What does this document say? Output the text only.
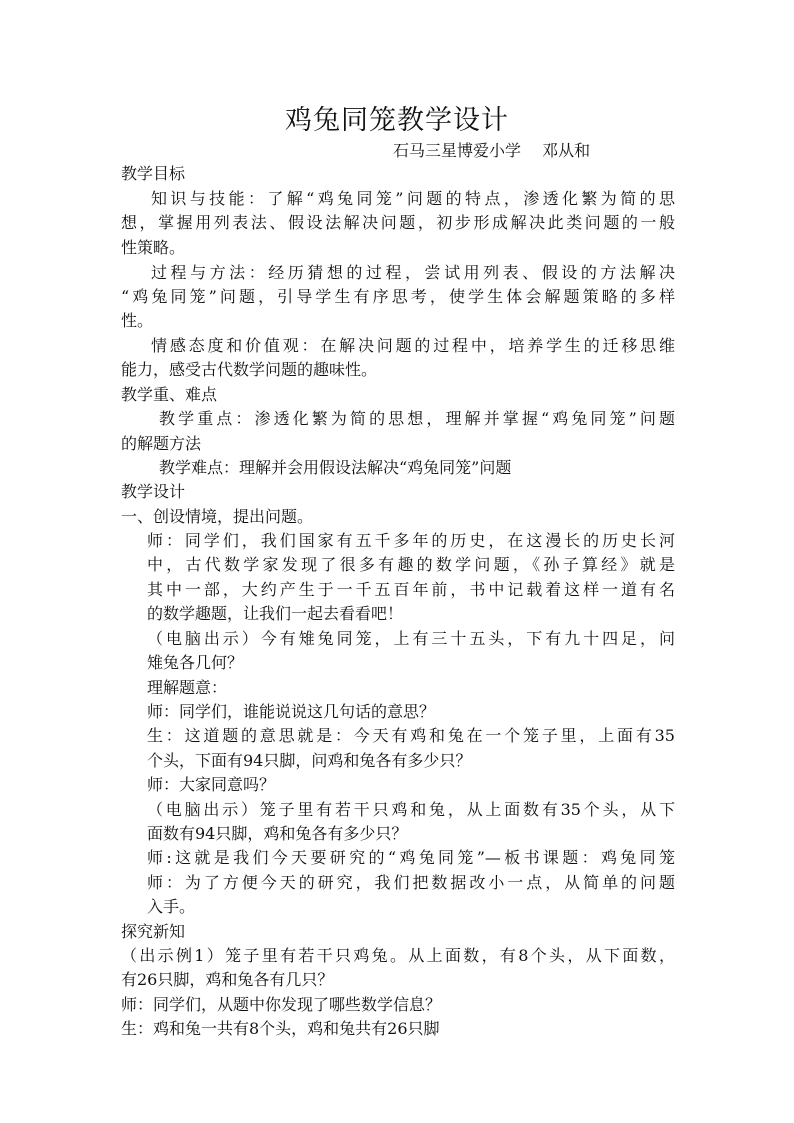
鸡兔同笼教学设计
石马三星博爱小学　 邓从和
教学目标
知识与技能：了解“鸡兔同笼”问题的特点，渗透化繁为简的思
想，掌握用列表法、假设法解决问题，初步形成解决此类问题的一般
性策略。
过程与方法：经历猜想的过程，尝试用列表、假设的方法解决
“鸡兔同笼”问题，引导学生有序思考，使学生体会解题策略的多样
性。
情感态度和价值观：在解决问题的过程中，培养学生的迁移思维
能力，感受古代数学问题的趣味性。
教学重、难点
教学重点：渗透化繁为简的思想，理解并掌握“鸡兔同笼”问题
的解题方法
教学难点：理解并会用假设法解决“鸡兔同笼”问题
教学设计
一、创设情境，提出问题。
师：同学们，我们国家有五千多年的历史，在这漫长的历史长河
中，古代数学家发现了很多有趣的数学问题，《孙子算经》就是
其中一部，大约产生于一千五百年前，书中记载着这样一道有名
的数学趣题，让我们一起去看看吧！
（电脑出示）今有雉兔同笼，上有三十五头，下有九十四足，问
雉兔各几何？
理解题意：
师：同学们，谁能说说这几句话的意思？
生：这道题的意思就是：今天有鸡和兔在一个笼子里，上面有35
个头，下面有94只脚，问鸡和兔各有多少只？
师：大家同意吗？
（电脑出示）笼子里有若干只鸡和兔，从上面数有35个头，从下
面数有94只脚，鸡和兔各有多少只？
师:这就是我们今天要研究的“鸡兔同笼”—板书课题：鸡兔同笼
师：为了方便今天的研究，我们把数据改小一点，从简单的问题
入手。
探究新知
（出示例1）笼子里有若干只鸡兔。从上面数，有8个头，从下面数，
有26只脚，鸡和兔各有几只？
师：同学们，从题中你发现了哪些数学信息？
生：鸡和兔一共有8个头，鸡和兔共有26只脚
